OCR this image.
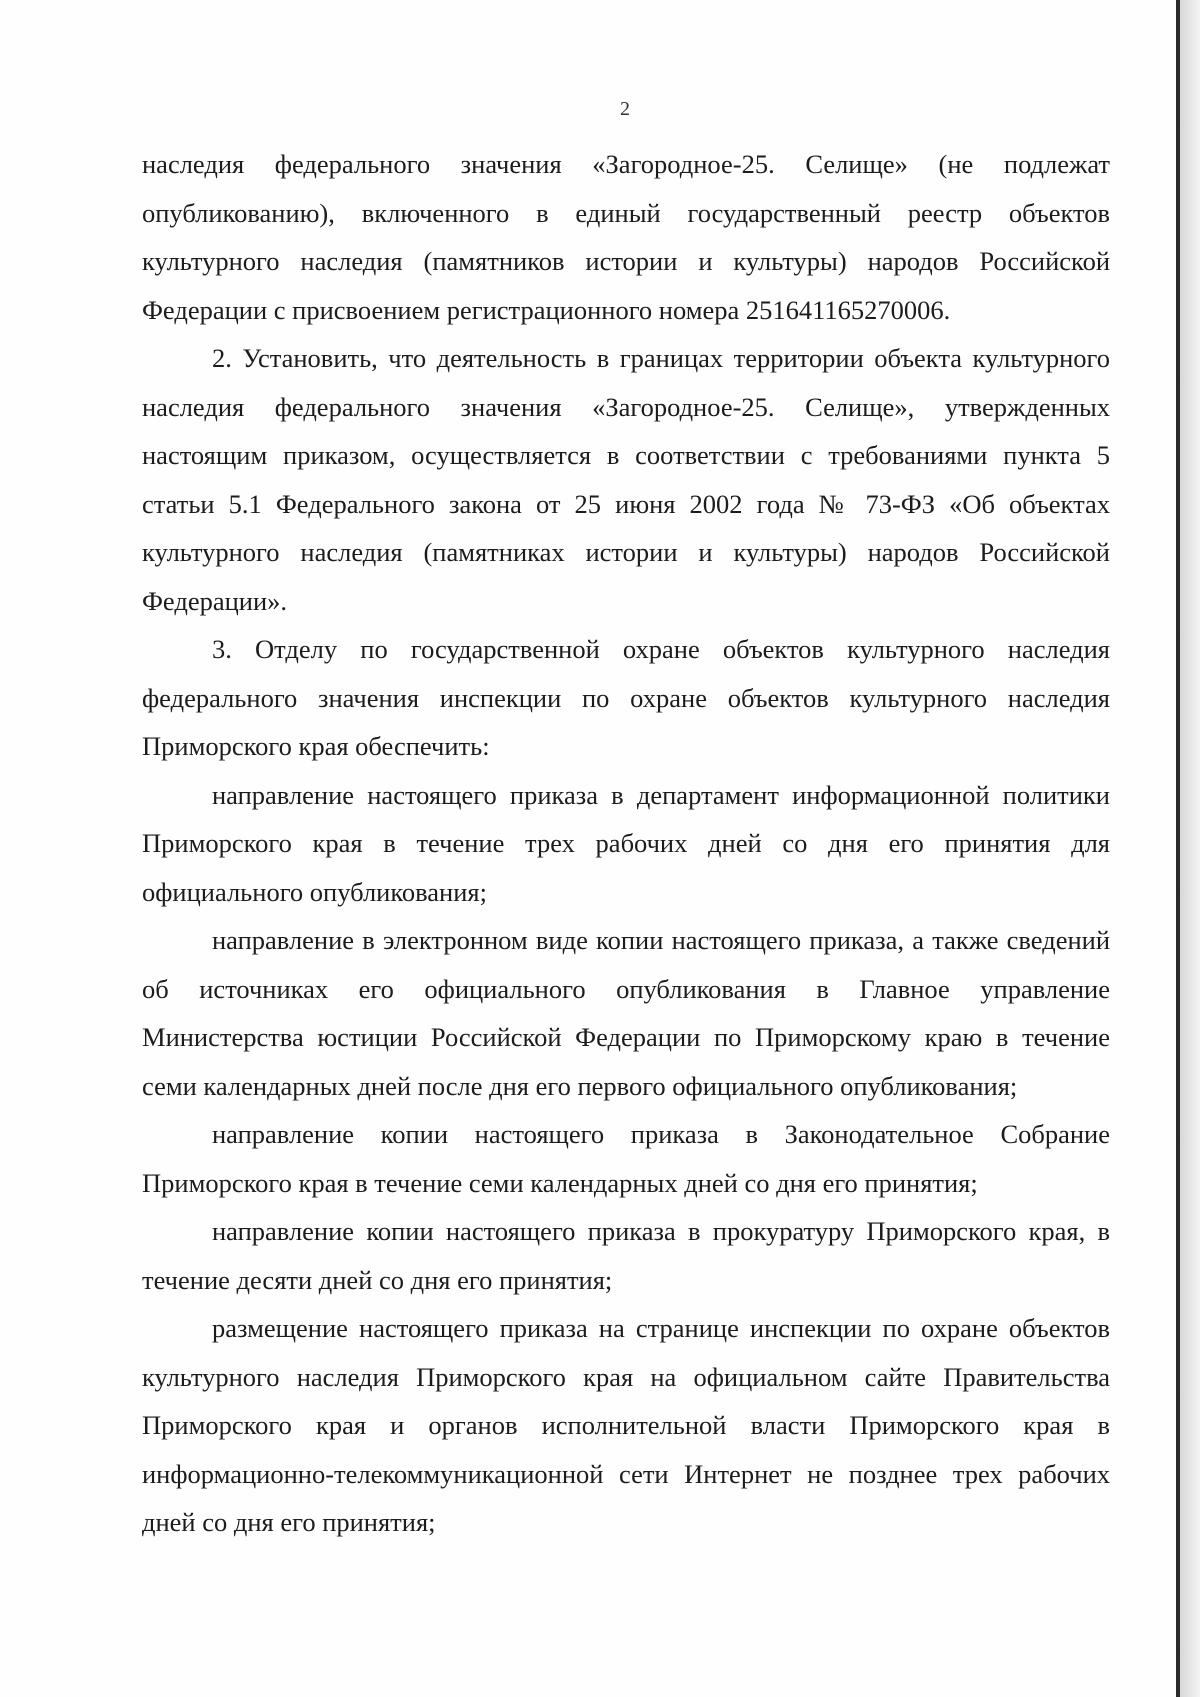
2

наследия федерального значения «Загородное-25. Селище» (не подлежат опубликованию), включенного в единый государственный реестр объектов культурного наследия (памятников истории и культуры) народов Российской Федерации с присвоением регистрационного номера 251641165270006.

2. Установить, что деятельность в границах территории объекта культурного наследия федерального значения «Загородное-25. Селище», утвержденных настоящим приказом, осуществляется в соответствии с требованиями пункта 5 статьи 5.1 Федерального закона от 25 июня 2002 года № 73-ФЗ «Об объектах культурного наследия (памятниках истории и культуры) народов Российской Федерации».

3. Отделу по государственной охране объектов культурного наследия федерального значения инспекции по охране объектов культурного наследия Приморского края обеспечить:

направление настоящего приказа в департамент информационной политики Приморского края в течение трех рабочих дней со дня его принятия для официального опубликования;

направление в электронном виде копии настоящего приказа, а также сведений об источниках его официального опубликования в Главное управление Министерства юстиции Российской Федерации по Приморскому краю в течение семи календарных дней после дня его первого официального опубликования;

направление копии настоящего приказа в Законодательное Собрание Приморского края в течение семи календарных дней со дня его принятия;

направление копии настоящего приказа в прокуратуру Приморского края, в течение десяти дней со дня его принятия;

размещение настоящего приказа на странице инспекции по охране объектов культурного наследия Приморского края на официальном сайте Правительства Приморского края и органов исполнительной власти Приморского края в информационно-телекоммуникационной сети Интернет не позднее трех рабочих дней со дня его принятия;
